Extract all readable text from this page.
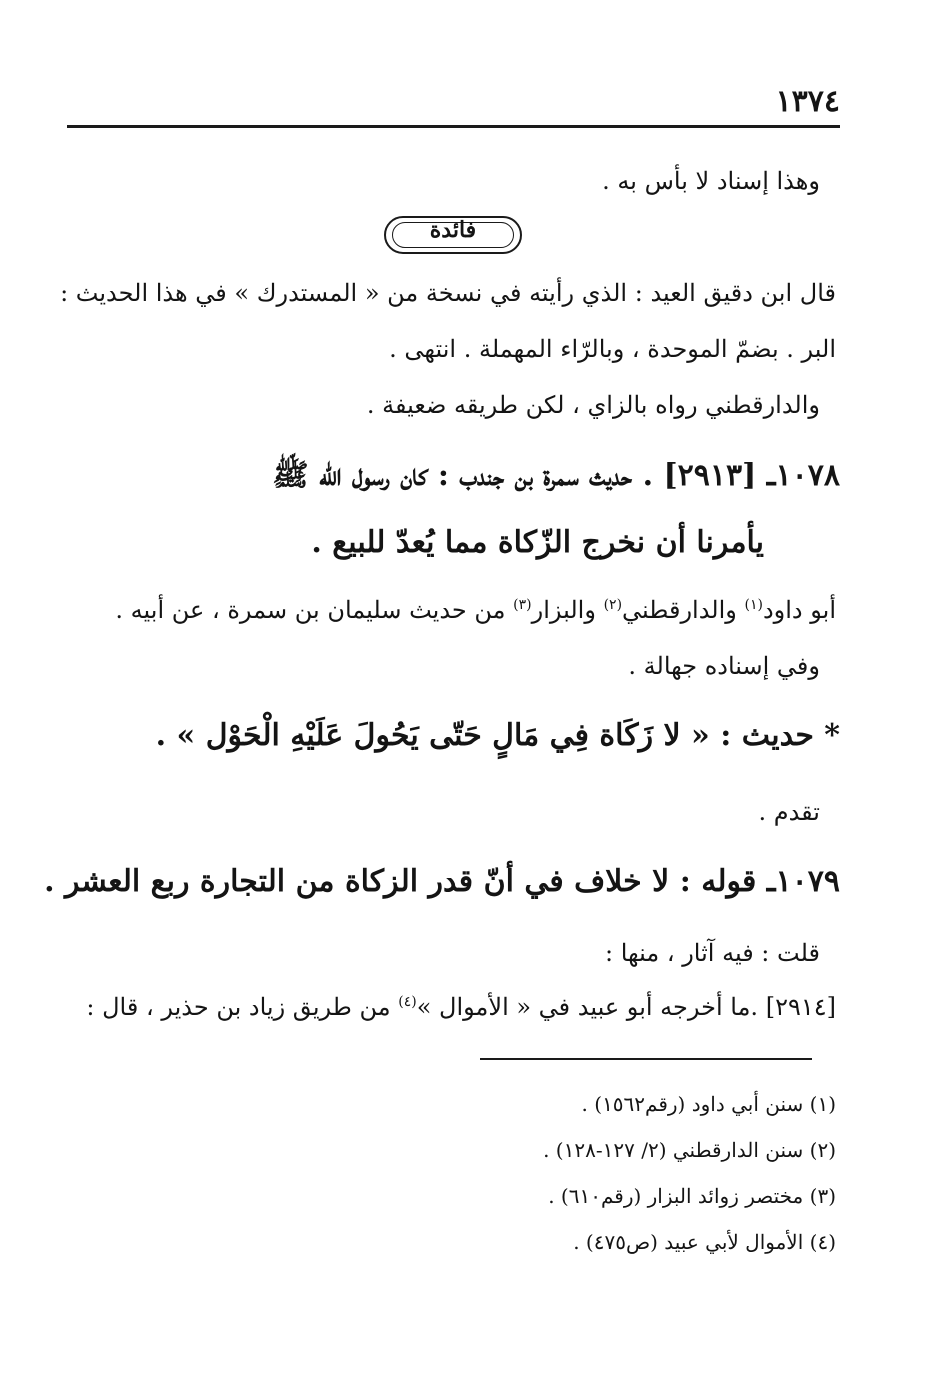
١٣٧٤
وهذا إسناد لا بأس به .
فائدة
قال ابن دقيق العيد : الذي رأيته في نسخة من « المستدرك » في هذا الحديث :
البر . بضمّ الموحدة ، وبالرّاء المهملة . انتهى .
والدارقطني رواه بالزاي ، لكن طريقه ضعيفة .
١٠٧٨ـ [٢٩١٣] . حديث سمرة بن جندب : كان رسول الله ﷺ
يأمرنا أن نخرج الزّكاة مما يُعدّ للبيع .
أبو داود$^{(١)}$ والدارقطني$^{(٢)}$ والبزار$^{(٣)}$ من حديث سليمان بن سمرة ، عن أبيه .
وفي إسناده جهالة .
* حديث : « لا زَكَاة فِي مَالٍ حَتّى يَحُولَ عَلَيْهِ الْحَوْل » .
تقدم .
١٠٧٩ـ قوله : لا خلاف في أنّ قدر الزكاة من التجارة ربع العشر .
قلت : فيه آثار ، منها :
[٢٩١٤] .ما أخرجه أبو عبيد في « الأموال »$^{(٤)}$ من طريق زياد بن حذير ، قال :
(١) سنن أبي داود (رقم١٥٦٢) .
(٢) سنن الدارقطني (٢/ ١٢٧-١٢٨) .
(٣) مختصر زوائد البزار (رقم٦١٠) .
(٤) الأموال لأبي عبيد (ص٤٧٥) .
